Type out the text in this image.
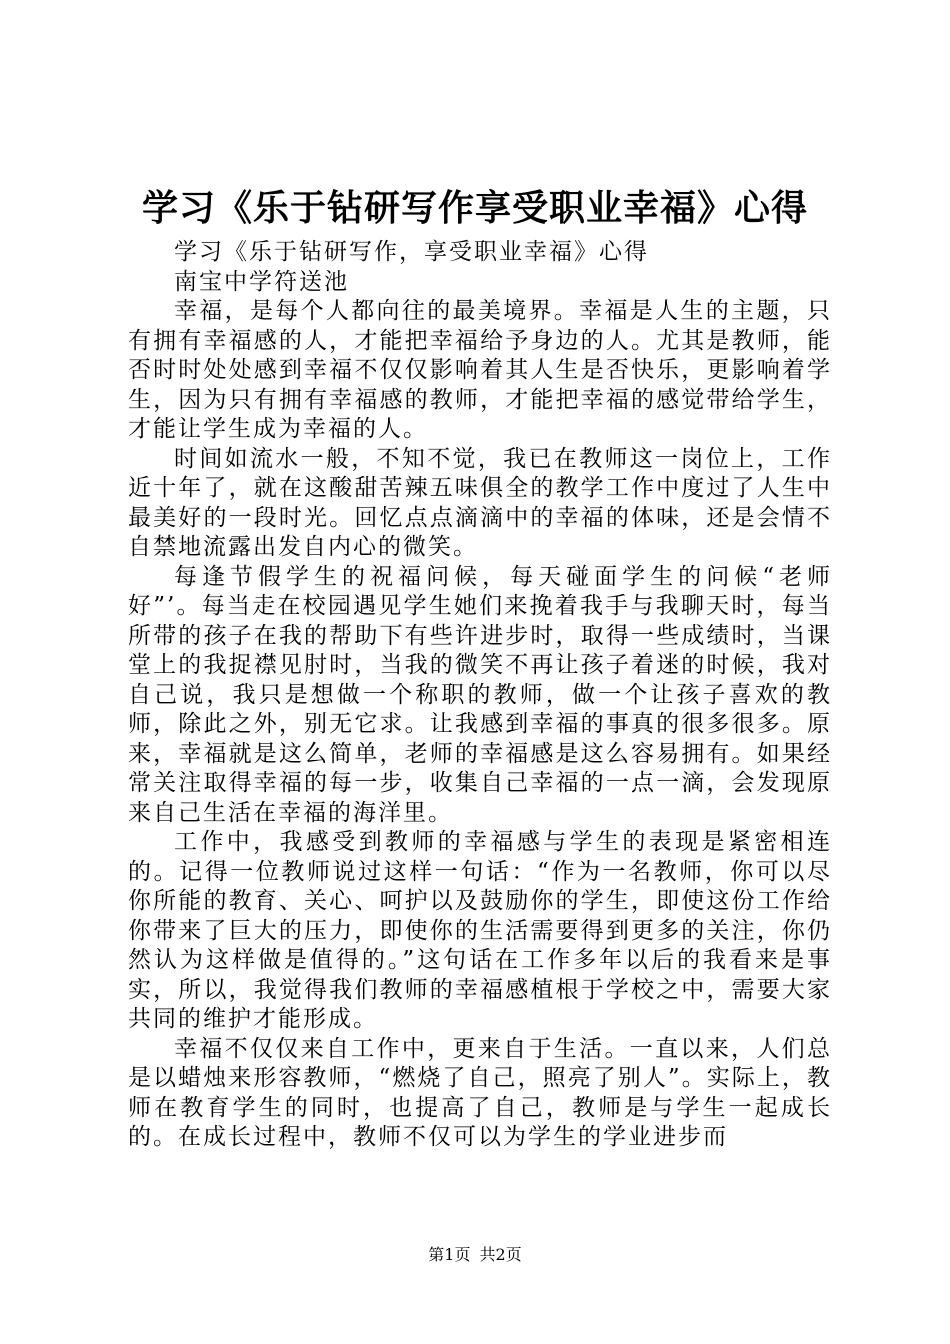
学习《乐于钻研写作享受职业幸福》心得

学习《乐于钻研写作，享受职业幸福》心得

南宝中学符送池

幸福，是每个人都向往的最美境界。幸福是人生的主题，只有拥有幸福感的人，才能把幸福给予身边的人。尤其是教师，能否时时处处感到幸福不仅仅影响着其人生是否快乐，更影响着学生，因为只有拥有幸福感的教师，才能把幸福的感觉带给学生，才能让学生成为幸福的人。

时间如流水一般，不知不觉，我已在教师这一岗位上，工作近十年了，就在这酸甜苦辣五味俱全的教学工作中度过了人生中最美好的一段时光。回忆点点滴滴中的幸福的体味，还是会情不自禁地流露出发自内心的微笑。

每逢节假学生的祝福问候，每天碰面学生的问候“老师好”’。每当走在校园遇见学生她们来挽着我手与我聊天时，每当所带的孩子在我的帮助下有些许进步时，取得一些成绩时，当课堂上的我捉襟见肘时，当我的微笑不再让孩子着迷的时候，我对自己说，我只是想做一个称职的教师，做一个让孩子喜欢的教师，除此之外，别无它求。让我感到幸福的事真的很多很多。原来，幸福就是这么简单，老师的幸福感是这么容易拥有。如果经常关注取得幸福的每一步，收集自己幸福的一点一滴，会发现原来自己生活在幸福的海洋里。

工作中，我感受到教师的幸福感与学生的表现是紧密相连的。记得一位教师说过这样一句话：“作为一名教师，你可以尽你所能的教育、关心、呵护以及鼓励你的学生，即使这份工作给你带来了巨大的压力，即使你的生活需要得到更多的关注，你仍然认为这样做是值得的。”这句话在工作多年以后的我看来是事实，所以，我觉得我们教师的幸福感植根于学校之中，需要大家共同的维护才能形成。

幸福不仅仅来自工作中，更来自于生活。一直以来，人们总是以蜡烛来形容教师，“燃烧了自己，照亮了别人”。实际上，教师在教育学生的同时，也提高了自己，教师是与学生一起成长的。在成长过程中，教师不仅可以为学生的学业进步而

第1页 共2页
